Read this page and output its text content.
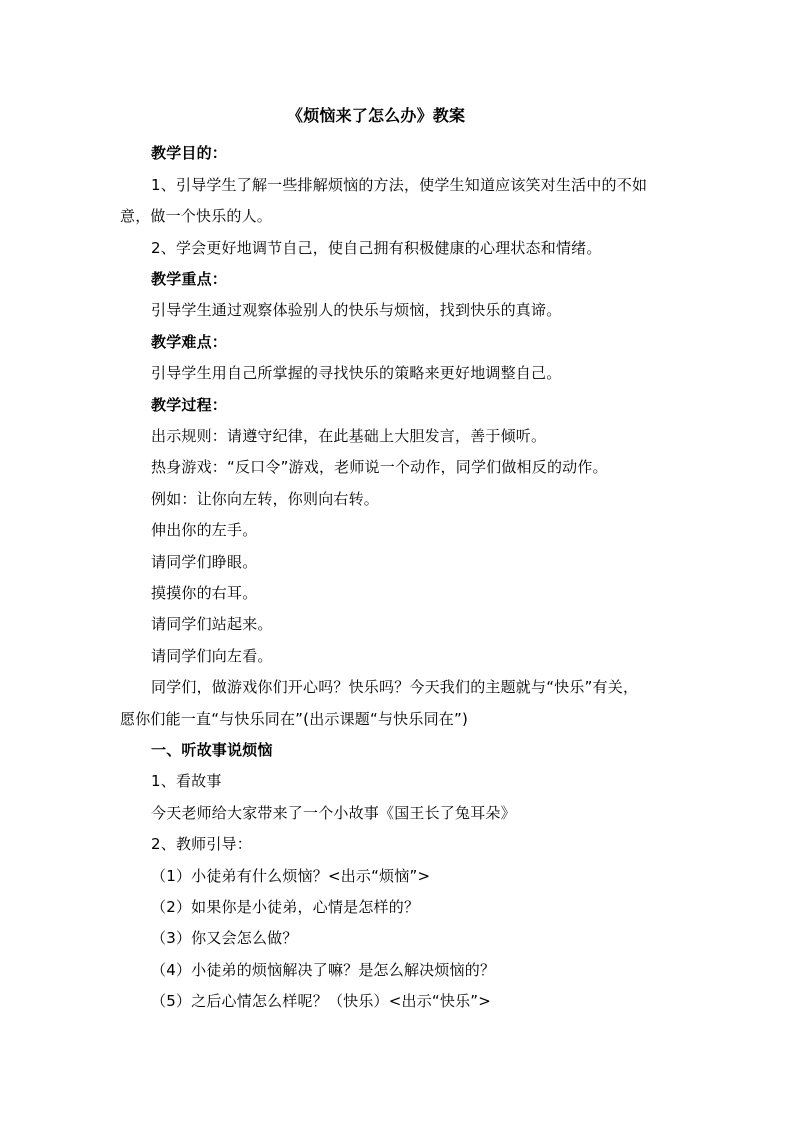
《烦恼来了怎么办》教案
教学目的：
1、引导学生了解一些排解烦恼的方法，使学生知道应该笑对生活中的不如
意，做一个快乐的人。
2、学会更好地调节自己，使自己拥有积极健康的心理状态和情绪。
教学重点：
引导学生通过观察体验别人的快乐与烦恼，找到快乐的真谛。
教学难点：
引导学生用自己所掌握的寻找快乐的策略来更好地调整自己。
教学过程：
出示规则：请遵守纪律，在此基础上大胆发言，善于倾听。
热身游戏：“反口令”游戏，老师说一个动作，同学们做相反的动作。
例如：让你向左转，你则向右转。
伸出你的左手。
请同学们睁眼。
摸摸你的右耳。
请同学们站起来。
请同学们向左看。
同学们，做游戏你们开心吗？快乐吗？今天我们的主题就与“快乐”有关，
愿你们能一直“与快乐同在”(出示课题“与快乐同在”)
一、听故事说烦恼
1、看故事
今天老师给大家带来了一个小故事《国王长了兔耳朵》
2、教师引导：
（1）小徒弟有什么烦恼？<出示“烦恼”>
（2）如果你是小徒弟，心情是怎样的？
（3）你又会怎么做？
（4）小徒弟的烦恼解决了嘛？是怎么解决烦恼的？
（5）之后心情怎么样呢？（快乐）<出示“快乐”>
